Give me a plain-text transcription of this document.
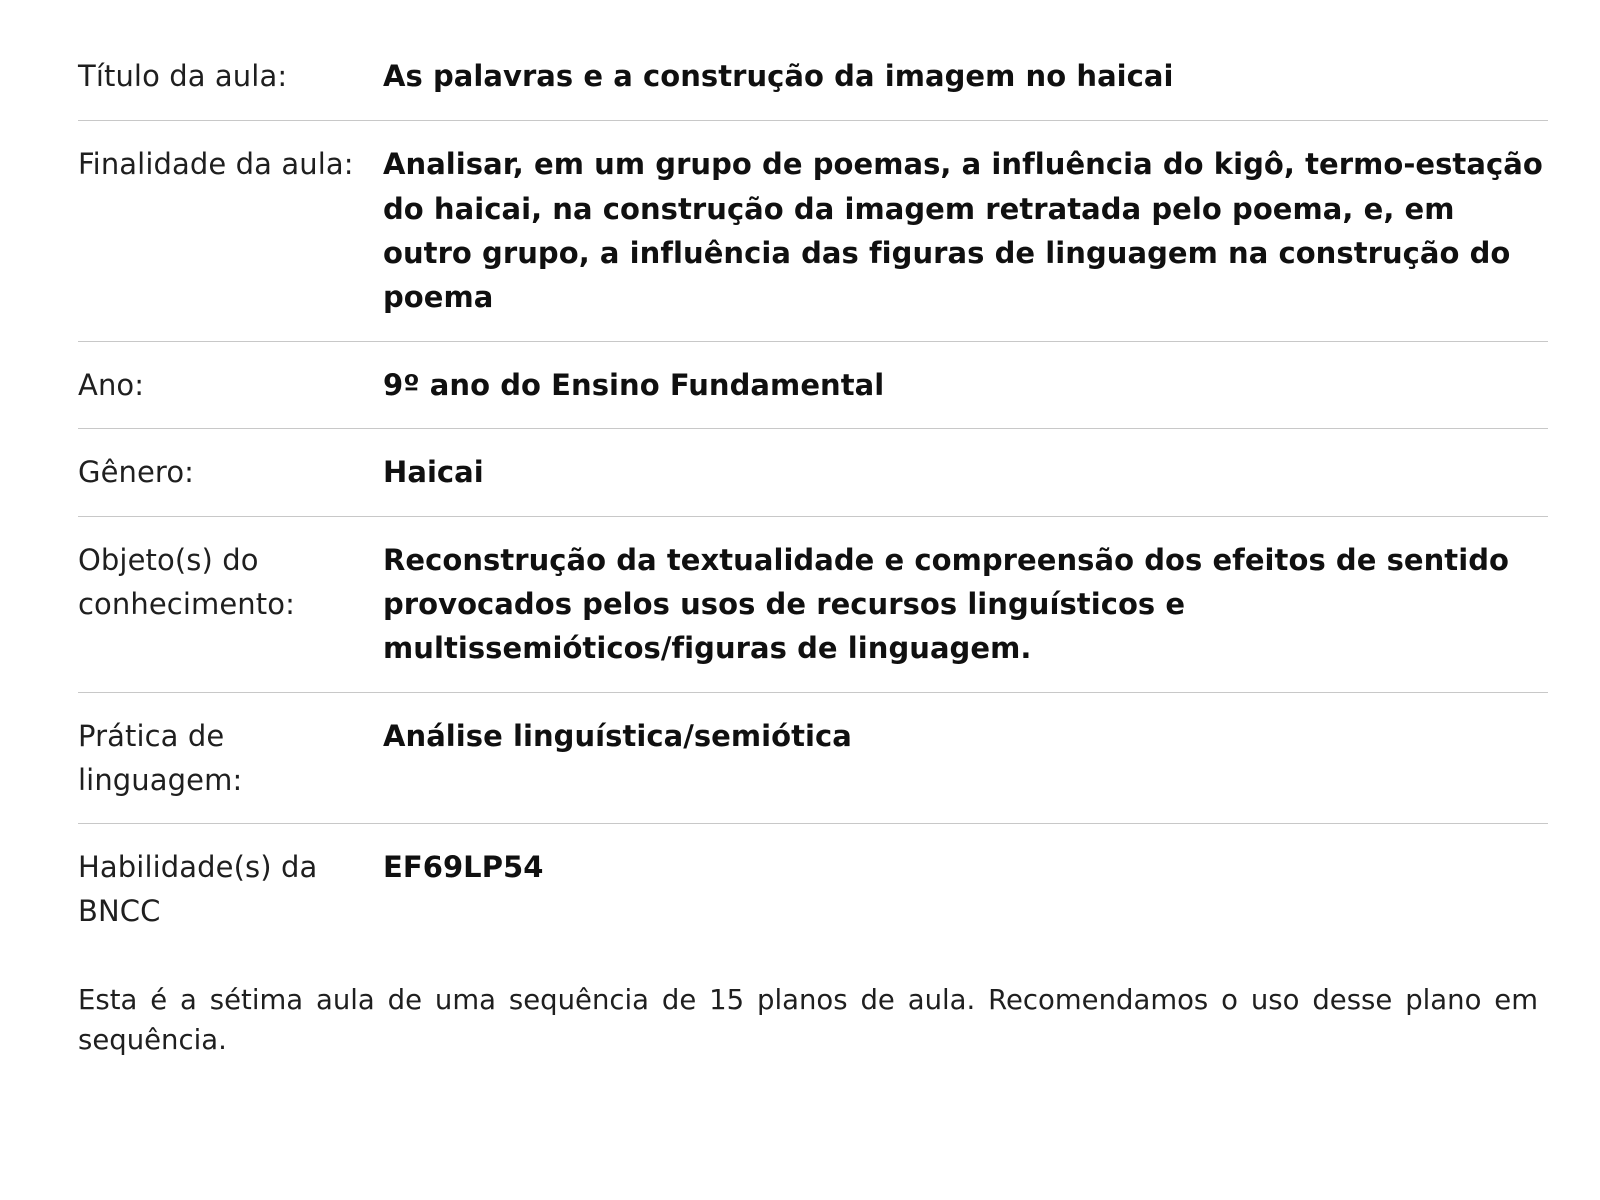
Título da aula:	As palavras e a construção da imagem no haicai
Finalidade da aula:	Analisar, em um grupo de poemas, a influência do kigô, termo-estação do haicai, na construção da imagem retratada pelo poema, e, em outro grupo, a influência das figuras de linguagem na construção do poema
Ano:	9º ano do Ensino Fundamental
Gênero:	Haicai
Objeto(s) do conhecimento:	Reconstrução da textualidade e compreensão dos efeitos de sentido provocados pelos usos de recursos linguísticos e multissemióticos/figuras de linguagem.
Prática de linguagem:	Análise linguística/semiótica
Habilidade(s) da BNCC	EF69LP54

Esta é a sétima aula de uma sequência de 15 planos de aula. Recomendamos o uso desse plano em sequência.
